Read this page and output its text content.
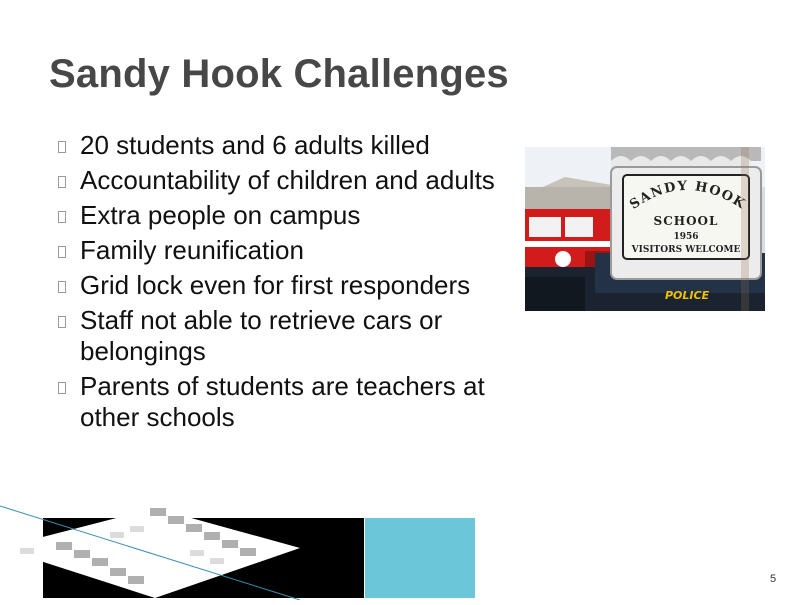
Sandy Hook Challenges
20 students and 6 adults killed
Accountability of children and adults
Extra people on campus
Family reunification
Grid lock even for first responders
Staff not able to retrieve cars or belongings
Parents of students are teachers at other schools
POLICE
SANDY HOOK
SCHOOL
1956
VISITORS WELCOME
5
